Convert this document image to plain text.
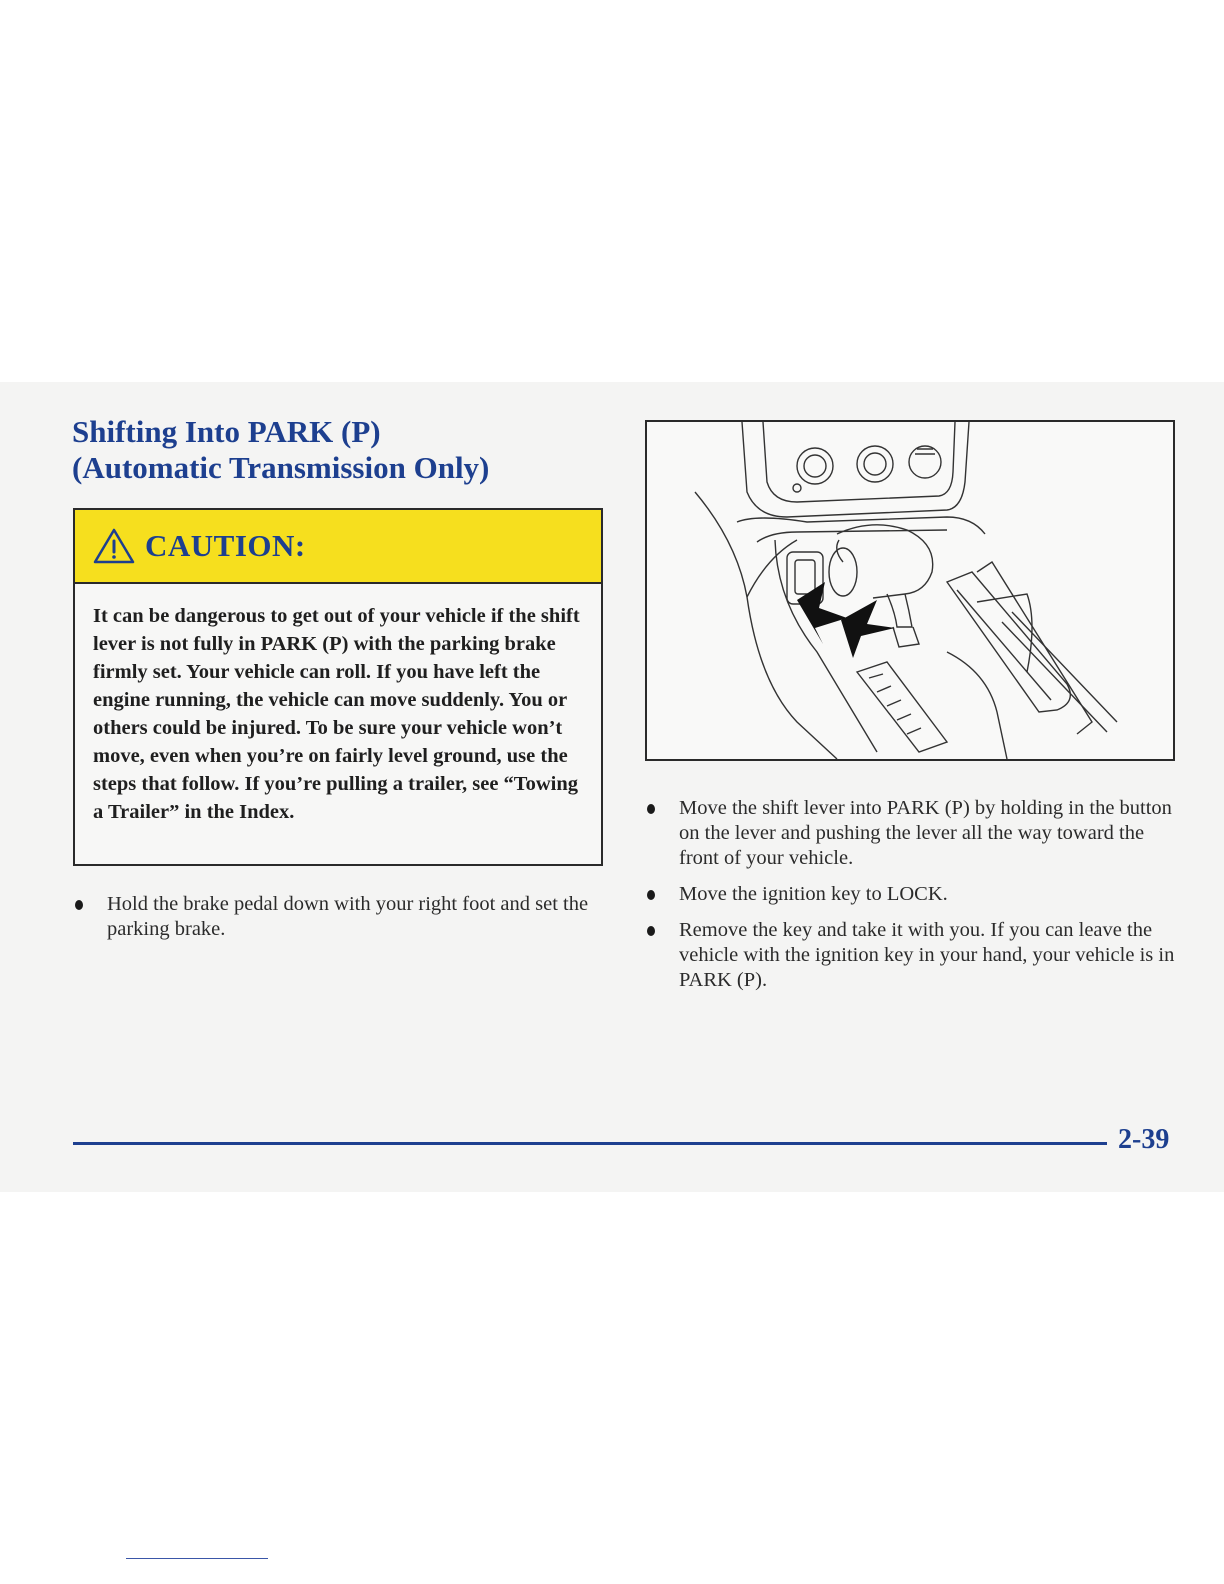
Shifting Into PARK (P)
(Automatic Transmission Only)
CAUTION:

It can be dangerous to get out of your vehicle if the shift lever is not fully in PARK (P) with the parking brake firmly set. Your vehicle can roll. If you have left the engine running, the vehicle can move suddenly. You or others could be injured. To be sure your vehicle won’t move, even when you’re on fairly level ground, use the steps that follow. If you’re pulling a trailer, see “Towing a Trailer” in the Index.

Hold the brake pedal down with your right foot and set the parking brake.
Move the shift lever into PARK (P) by holding in the button on the lever and pushing the lever all the way toward the front of your vehicle.
Move the ignition key to LOCK.
Remove the key and take it with you. If you can leave the vehicle with the ignition key in your hand, your vehicle is in PARK (P).
2-39
